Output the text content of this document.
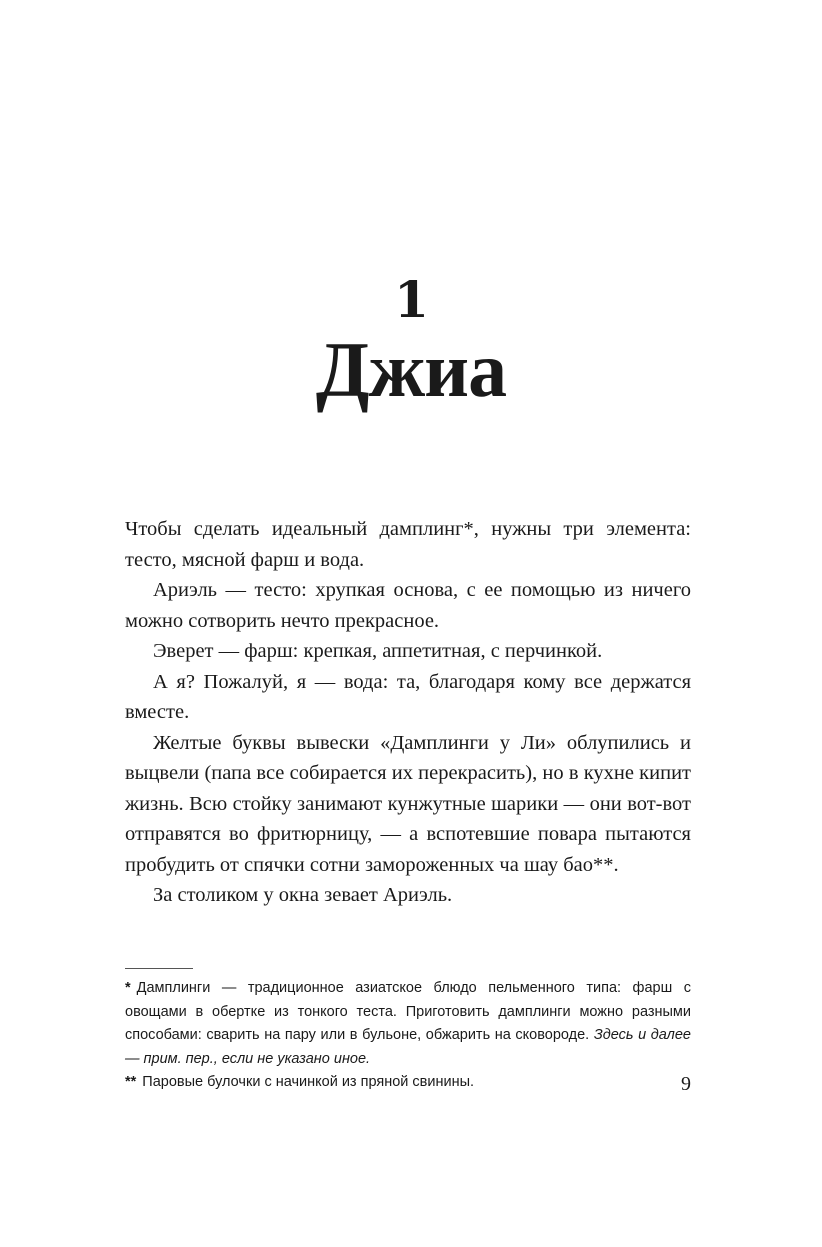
1
Джиа

Чтобы сделать идеальный дамплинг*, нужны три элемента: тесто, мясной фарш и вода.

Ариэль — тесто: хрупкая основа, с ее помощью из ничего можно сотворить нечто прекрасное.

Эверет — фарш: крепкая, аппетитная, с перчинкой.

А я? Пожалуй, я — вода: та, благодаря кому все держатся вместе.

Желтые буквы вывески «Дамплинги у Ли» облупились и выцвели (папа все собирается их перекрасить), но в кухне кипит жизнь. Всю стойку занимают кунжутные шарики — они вот-вот отправятся во фритюрницу, — а вспотевшие повара пытаются пробудить от спячки сотни замороженных ча шау бао**.

За столиком у окна зевает Ариэль.

* Дамплинги — традиционное азиатское блюдо пельменного типа: фарш с овощами в обертке из тонкого теста. Приготовить дамплинги можно разными способами: сварить на пару или в бульоне, обжарить на сковороде. Здесь и далее — прим. пер., если не указано иное.

** Паровые булочки с начинкой из пряной свинины.	9
